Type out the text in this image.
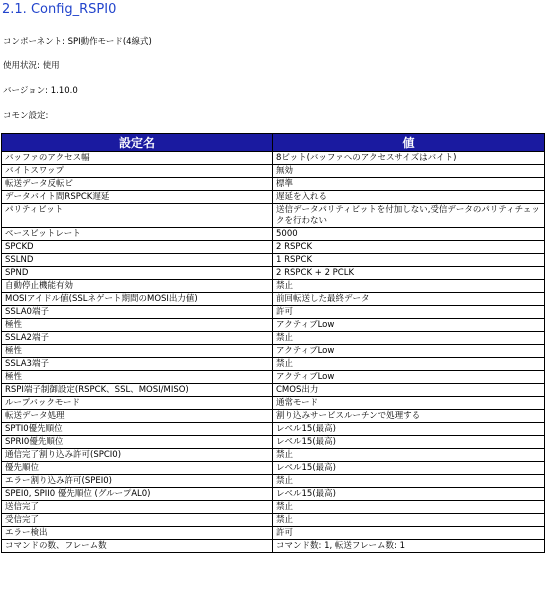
2.1. Config_RSPI0
コンポーネント: SPI動作モード(4線式)
使用状況: 使用
バージョン: 1.10.0
コモン設定:
設定名	値
バッファのアクセス幅	8ビット(バッファへのアクセスサイズはバイト)
バイトスワップ	無効
転送データ反転ビ	標準
データバイト間RSPCK遅延	遅延を入れる
パリティビット	送信データパリティビットを付加しない,受信データのパリティチェックを行わない
ベースビットレート	5000
SPCKD	2 RSPCK
SSLND	1 RSPCK
SPND	2 RSPCK + 2 PCLK
自動停止機能有効	禁止
MOSIアイドル値(SSLネゲート期間のMOSI出力値)	前回転送した最終データ
SSLA0端子	許可
極性	アクティブLow
SSLA2端子	禁止
極性	アクティブLow
SSLA3端子	禁止
極性	アクティブLow
RSPI端子制御設定(RSPCK、SSL、MOSI/MISO)	CMOS出力
ループバックモード	通常モード
転送データ処理	割り込みサービスルーチンで処理する
SPTI0優先順位	レベル15(最高)
SPRI0優先順位	レベル15(最高)
通信完了割り込み許可(SPCI0)	禁止
優先順位	レベル15(最高)
エラー割り込み許可(SPEI0)	禁止
SPEI0, SPII0 優先順位 (グループAL0)	レベル15(最高)
送信完了	禁止
受信完了	禁止
エラー検出	許可
コマンドの数、フレーム数	コマンド数: 1, 転送フレーム数: 1
